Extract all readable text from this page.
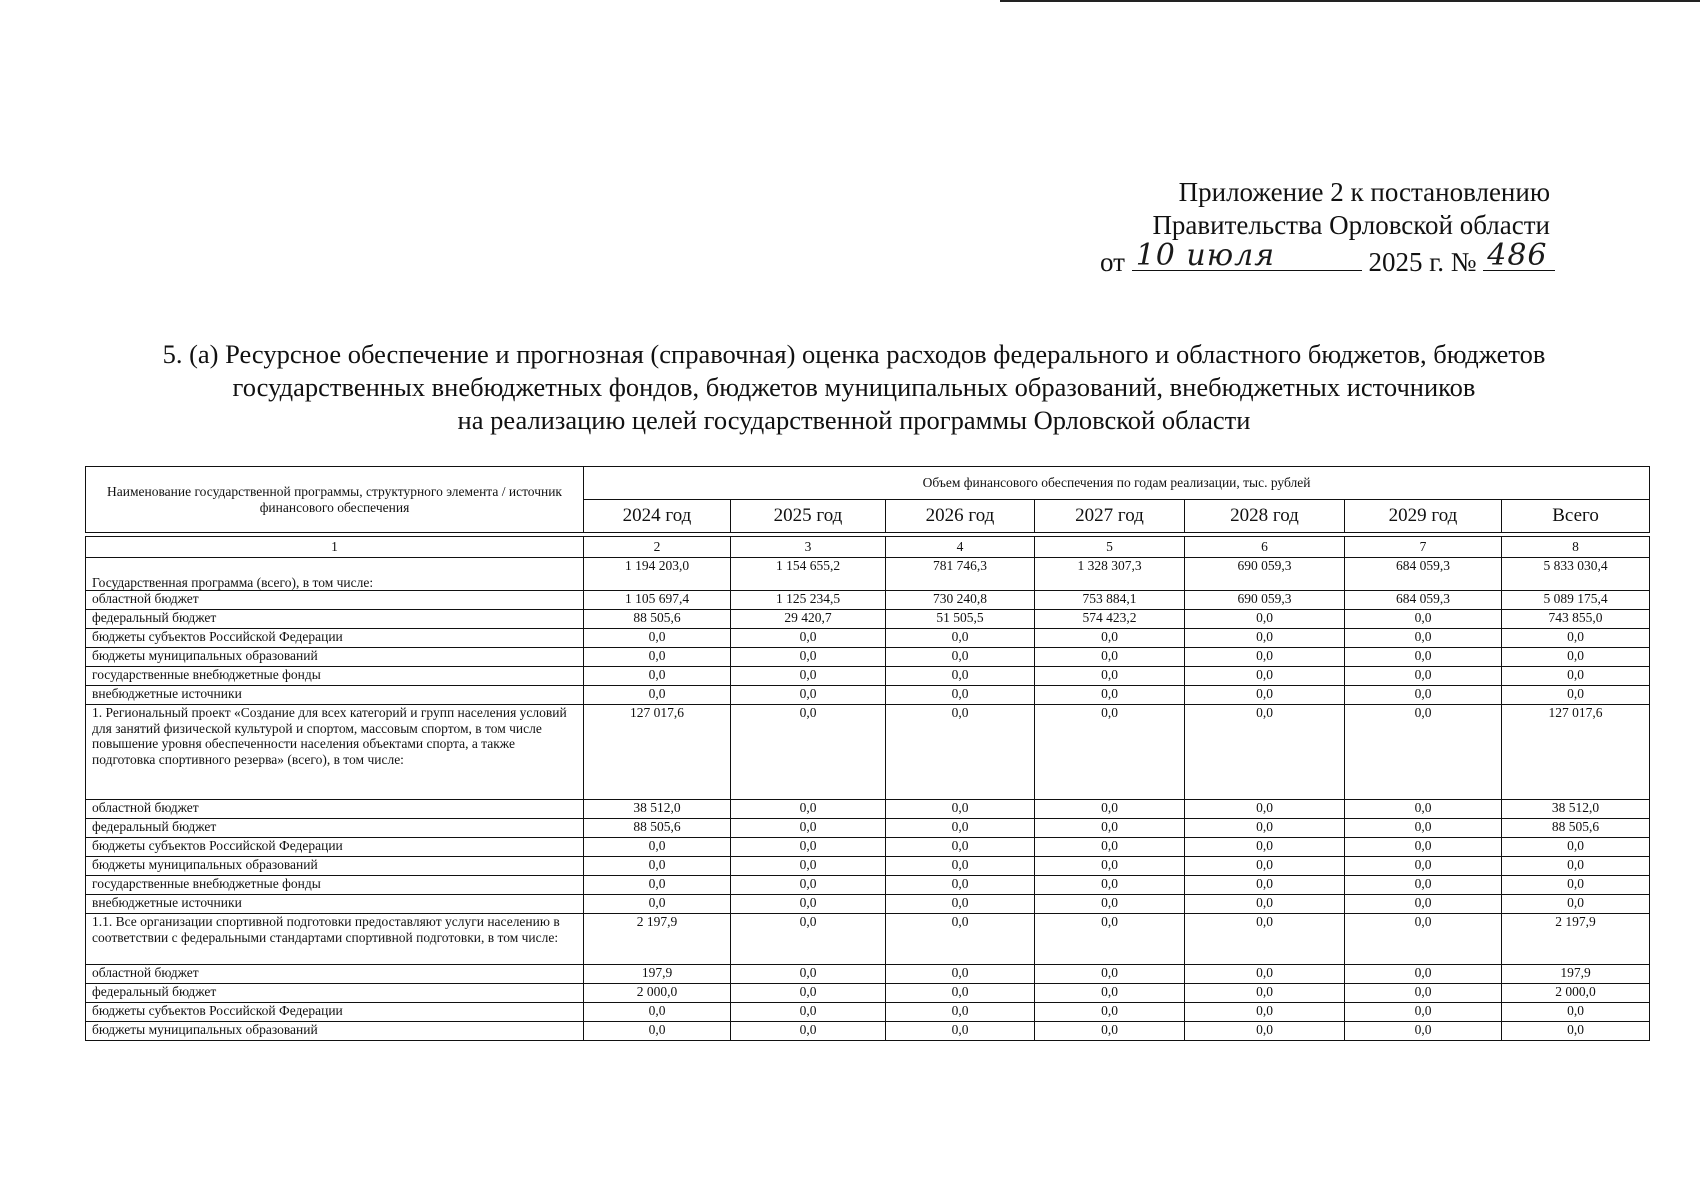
Приложение 2 к постановлению
Правительства Орловской области
от 10 июля	2025 г. № 486
5. (а) Ресурсное обеспечение и прогнозная (справочная) оценка расходов федерального и областного бюджетов, бюджетов
государственных внебюджетных фондов, бюджетов муниципальных образований, внебюджетных источников
на реализацию целей государственной программы Орловской области
Наименование государственной программы, структурного элемента / источник финансового обеспечения	Объем финансового обеспечения по годам реализации, тыс. рублей						
	2024 год	2025 год	2026 год	2027 год	2028 год	2029 год	Всего

1	2	3	4	5	6	7	8
Государственная программа (всего), в том числе:	1 194 203,0	1 154 655,2	781 746,3	1 328 307,3	690 059,3	684 059,3	5 833 030,4
областной бюджет	1 105 697,4	1 125 234,5	730 240,8	753 884,1	690 059,3	684 059,3	5 089 175,4
федеральный бюджет	88 505,6	29 420,7	51 505,5	574 423,2	0,0	0,0	743 855,0
бюджеты субъектов Российской Федерации	0,0	0,0	0,0	0,0	0,0	0,0	0,0
бюджеты муниципальных образований	0,0	0,0	0,0	0,0	0,0	0,0	0,0
государственные внебюджетные фонды	0,0	0,0	0,0	0,0	0,0	0,0	0,0
внебюджетные источники	0,0	0,0	0,0	0,0	0,0	0,0	0,0
1. Региональный проект «Создание для всех категорий и групп населения условий для занятий физической культурой и спортом, массовым спортом, в том числе повышение уровня обеспеченности населения объектами спорта, а также подготовка спортивного резерва» (всего), в том числе:	127 017,6	0,0	0,0	0,0	0,0	0,0	127 017,6
областной бюджет	38 512,0	0,0	0,0	0,0	0,0	0,0	38 512,0
федеральный бюджет	88 505,6	0,0	0,0	0,0	0,0	0,0	88 505,6
бюджеты субъектов Российской Федерации	0,0	0,0	0,0	0,0	0,0	0,0	0,0
бюджеты муниципальных образований	0,0	0,0	0,0	0,0	0,0	0,0	0,0
государственные внебюджетные фонды	0,0	0,0	0,0	0,0	0,0	0,0	0,0
внебюджетные источники	0,0	0,0	0,0	0,0	0,0	0,0	0,0
1.1. Все организации спортивной подготовки предоставляют услуги населению в соответствии с федеральными стандартами спортивной подготовки, в том числе:	2 197,9	0,0	0,0	0,0	0,0	0,0	2 197,9
областной бюджет	197,9	0,0	0,0	0,0	0,0	0,0	197,9
федеральный бюджет	2 000,0	0,0	0,0	0,0	0,0	0,0	2 000,0
бюджеты субъектов Российской Федерации	0,0	0,0	0,0	0,0	0,0	0,0	0,0
бюджеты муниципальных образований	0,0	0,0	0,0	0,0	0,0	0,0	0,0
